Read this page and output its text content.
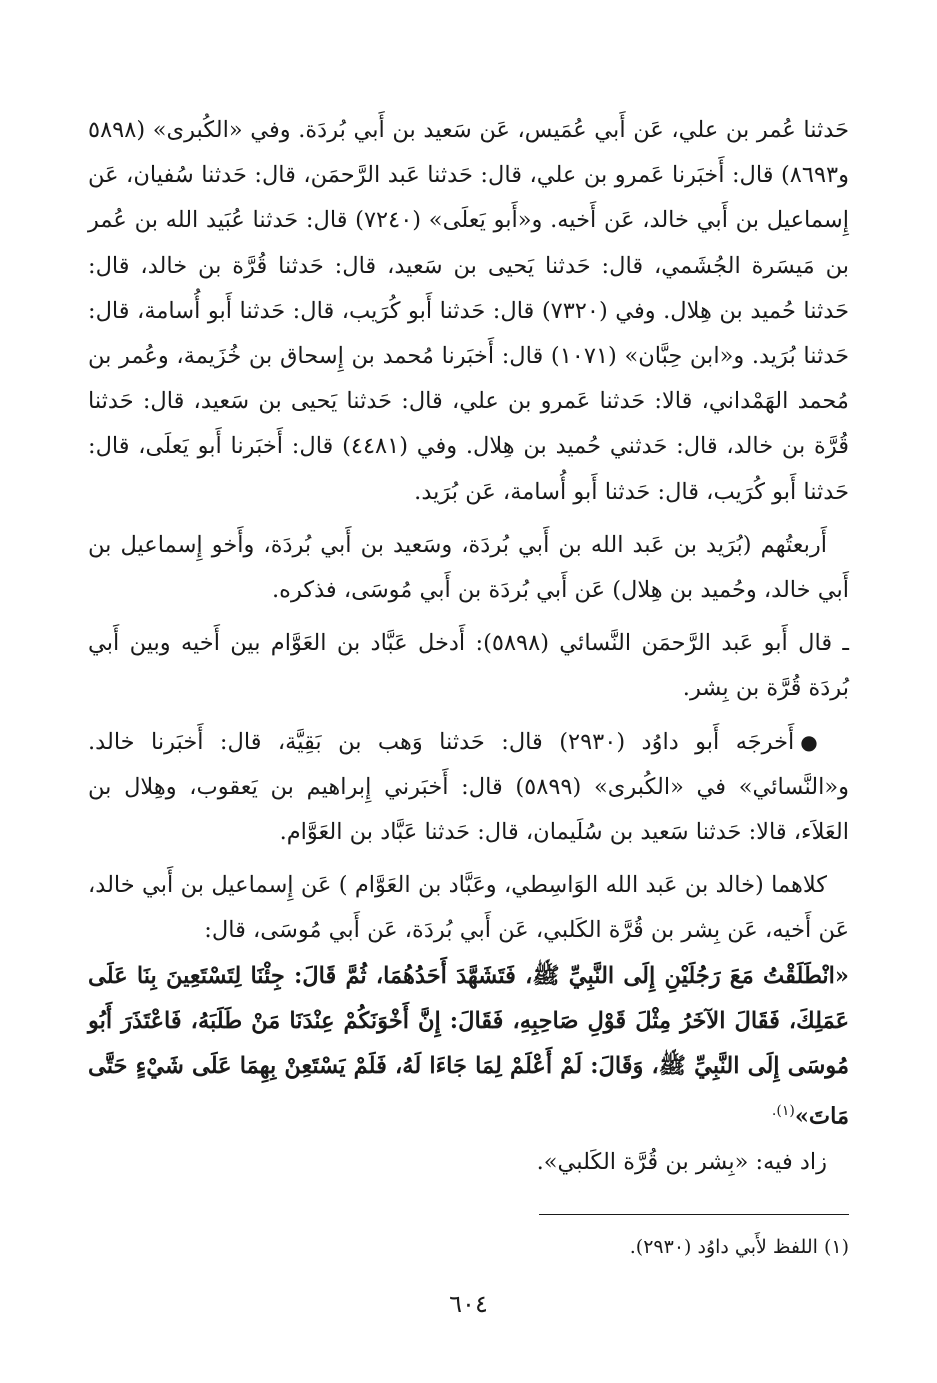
حَدثنا عُمر بن علي، عَن أَبي عُمَيس، عَن سَعيد بن أَبي بُردَة. وفي «الكُبرى» (٥٨٩٨ و٨٦٩٣) قال: أَخبَرنا عَمرو بن علي، قال: حَدثنا عَبد الرَّحمَن، قال: حَدثنا سُفيان، عَن إِسماعيل بن أَبي خالد، عَن أَخيه. و«أَبو يَعلَى» (٧٢٤٠) قال: حَدثنا عُبَيد الله بن عُمر بن مَيسَرة الجُشَمي، قال: حَدثنا يَحيى بن سَعيد، قال: حَدثنا قُرَّة بن خالد، قال: حَدثنا حُميد بن هِلال. وفي (٧٣٢٠) قال: حَدثنا أَبو كُرَيب، قال: حَدثنا أَبو أُسامة، قال: حَدثنا بُرَيد. و«ابن حِبَّان» (١٠٧١) قال: أَخبَرنا مُحمد بن إِسحاق بن خُزَيمة، وعُمر بن مُحمد الهَمْداني، قالا: حَدثنا عَمرو بن علي، قال: حَدثنا يَحيى بن سَعيد، قال: حَدثنا قُرَّة بن خالد، قال: حَدثني حُميد بن هِلال. وفي (٤٤٨١) قال: أَخبَرنا أَبو يَعلَى، قال: حَدثنا أَبو كُرَيب، قال: حَدثنا أَبو أُسامة، عَن بُرَيد.

أَربعتُهم (بُرَيد بن عَبد الله بن أَبي بُردَة، وسَعيد بن أَبي بُردَة، وأَخو إِسماعيل بن أَبي خالد، وحُميد بن هِلال) عَن أَبي بُردَة بن أَبي مُوسَى، فذكره.

ـ قال أَبو عَبد الرَّحمَن النَّسائي (٥٨٩٨): أَدخل عَبَّاد بن العَوَّام بين أَخيه وبين أَبي بُردَة قُرَّة بن بِشر.

●أَخرجَه أَبو داوُد (٢٩٣٠) قال: حَدثنا وَهب بن بَقِيَّة، قال: أَخبَرنا خالد. و«النَّسائي» في «الكُبرى» (٥٨٩٩) قال: أَخبَرني إِبراهيم بن يَعقوب، وهِلال بن العَلاَء، قالا: حَدثنا سَعيد بن سُلَيمان، قال: حَدثنا عَبَّاد بن العَوَّام.

كلاهما (خالد بن عَبد الله الوَاسِطي، وعَبَّاد بن العَوَّام ) عَن إِسماعيل بن أَبي خالد، عَن أَخيه، عَن بِشر بن قُرَّة الكَلبي، عَن أَبي بُردَة، عَن أَبي مُوسَى، قال:

«انْطَلَقْتُ مَعَ رَجُلَيْنِ إِلَى النَّبِيِّ ﷺ، فَتَشَهَّدَ أَحَدُهُمَا، ثُمَّ قَالَ: جِئْنَا لِتَسْتَعِينَ بِنَا عَلَى عَمَلِكَ، فَقَالَ الآخَرُ مِثْلَ قَوْلِ صَاحِبِهِ، فَقَالَ: إِنَّ أَخْوَنَكُمْ عِنْدَنَا مَنْ طَلَبَهُ، فَاعْتَذَرَ أَبُو مُوسَى إِلَى النَّبِيِّ ﷺ، وَقَالَ: لَمْ أَعْلَمْ لِمَا جَاءَا لَهُ، فَلَمْ يَسْتَعِنْ بِهِمَا عَلَى شَيْءٍ حَتَّى مَاتَ»$^{(١).}$

زاد فيه: «بِشر بن قُرَّة الكَلبي».

(١) اللفظ لأَبي داوُد (٢٩٣٠).
٦٠٤
